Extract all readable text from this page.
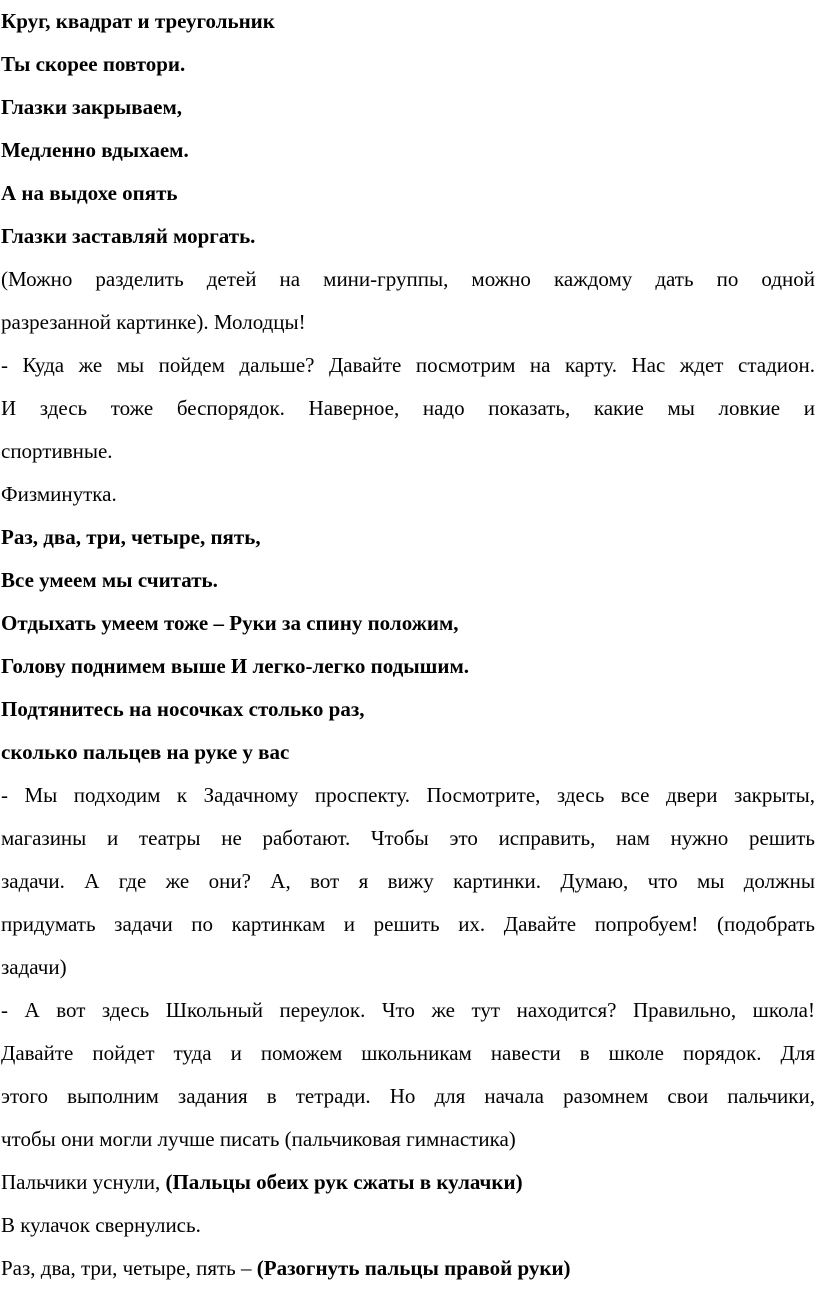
Круг, квадрат и треугольник
Ты скорее повтори.
Глазки закрываем,
Медленно вдыхаем.
А на выдохе опять
Глазки заставляй моргать.
(Можно разделить детей на мини-группы, можно каждому дать по одной
разрезанной картинке). Молодцы!
- Куда же мы пойдем дальше? Давайте посмотрим на карту. Нас ждет стадион.
И здесь тоже беспорядок. Наверное, надо показать, какие мы ловкие и
спортивные.
Физминутка.
Раз, два, три, четыре, пять,
Все умеем мы считать.
Отдыхать умеем тоже – Руки за спину положим,
Голову поднимем выше И легко-легко подышим.
Подтянитесь на носочках столько раз,
сколько пальцев на руке у вас
- Мы подходим к Задачному проспекту. Посмотрите, здесь все двери закрыты,
магазины и театры не работают. Чтобы это исправить, нам нужно решить
задачи. А где же они? А, вот я вижу картинки. Думаю, что мы должны
придумать задачи по картинкам и решить их. Давайте попробуем! (подобрать
задачи)
- А вот здесь Школьный переулок. Что же тут находится? Правильно, школа!
Давайте пойдет туда и поможем школьникам навести в школе порядок. Для
этого выполним задания в тетради. Но для начала разомнем свои пальчики,
чтобы они могли лучше писать (пальчиковая гимнастика)
Пальчики уснули, (Пальцы обеих рук сжаты в кулачки)
В кулачок свернулись.
Раз, два, три, четыре, пять – (Разогнуть пальцы правой руки)
